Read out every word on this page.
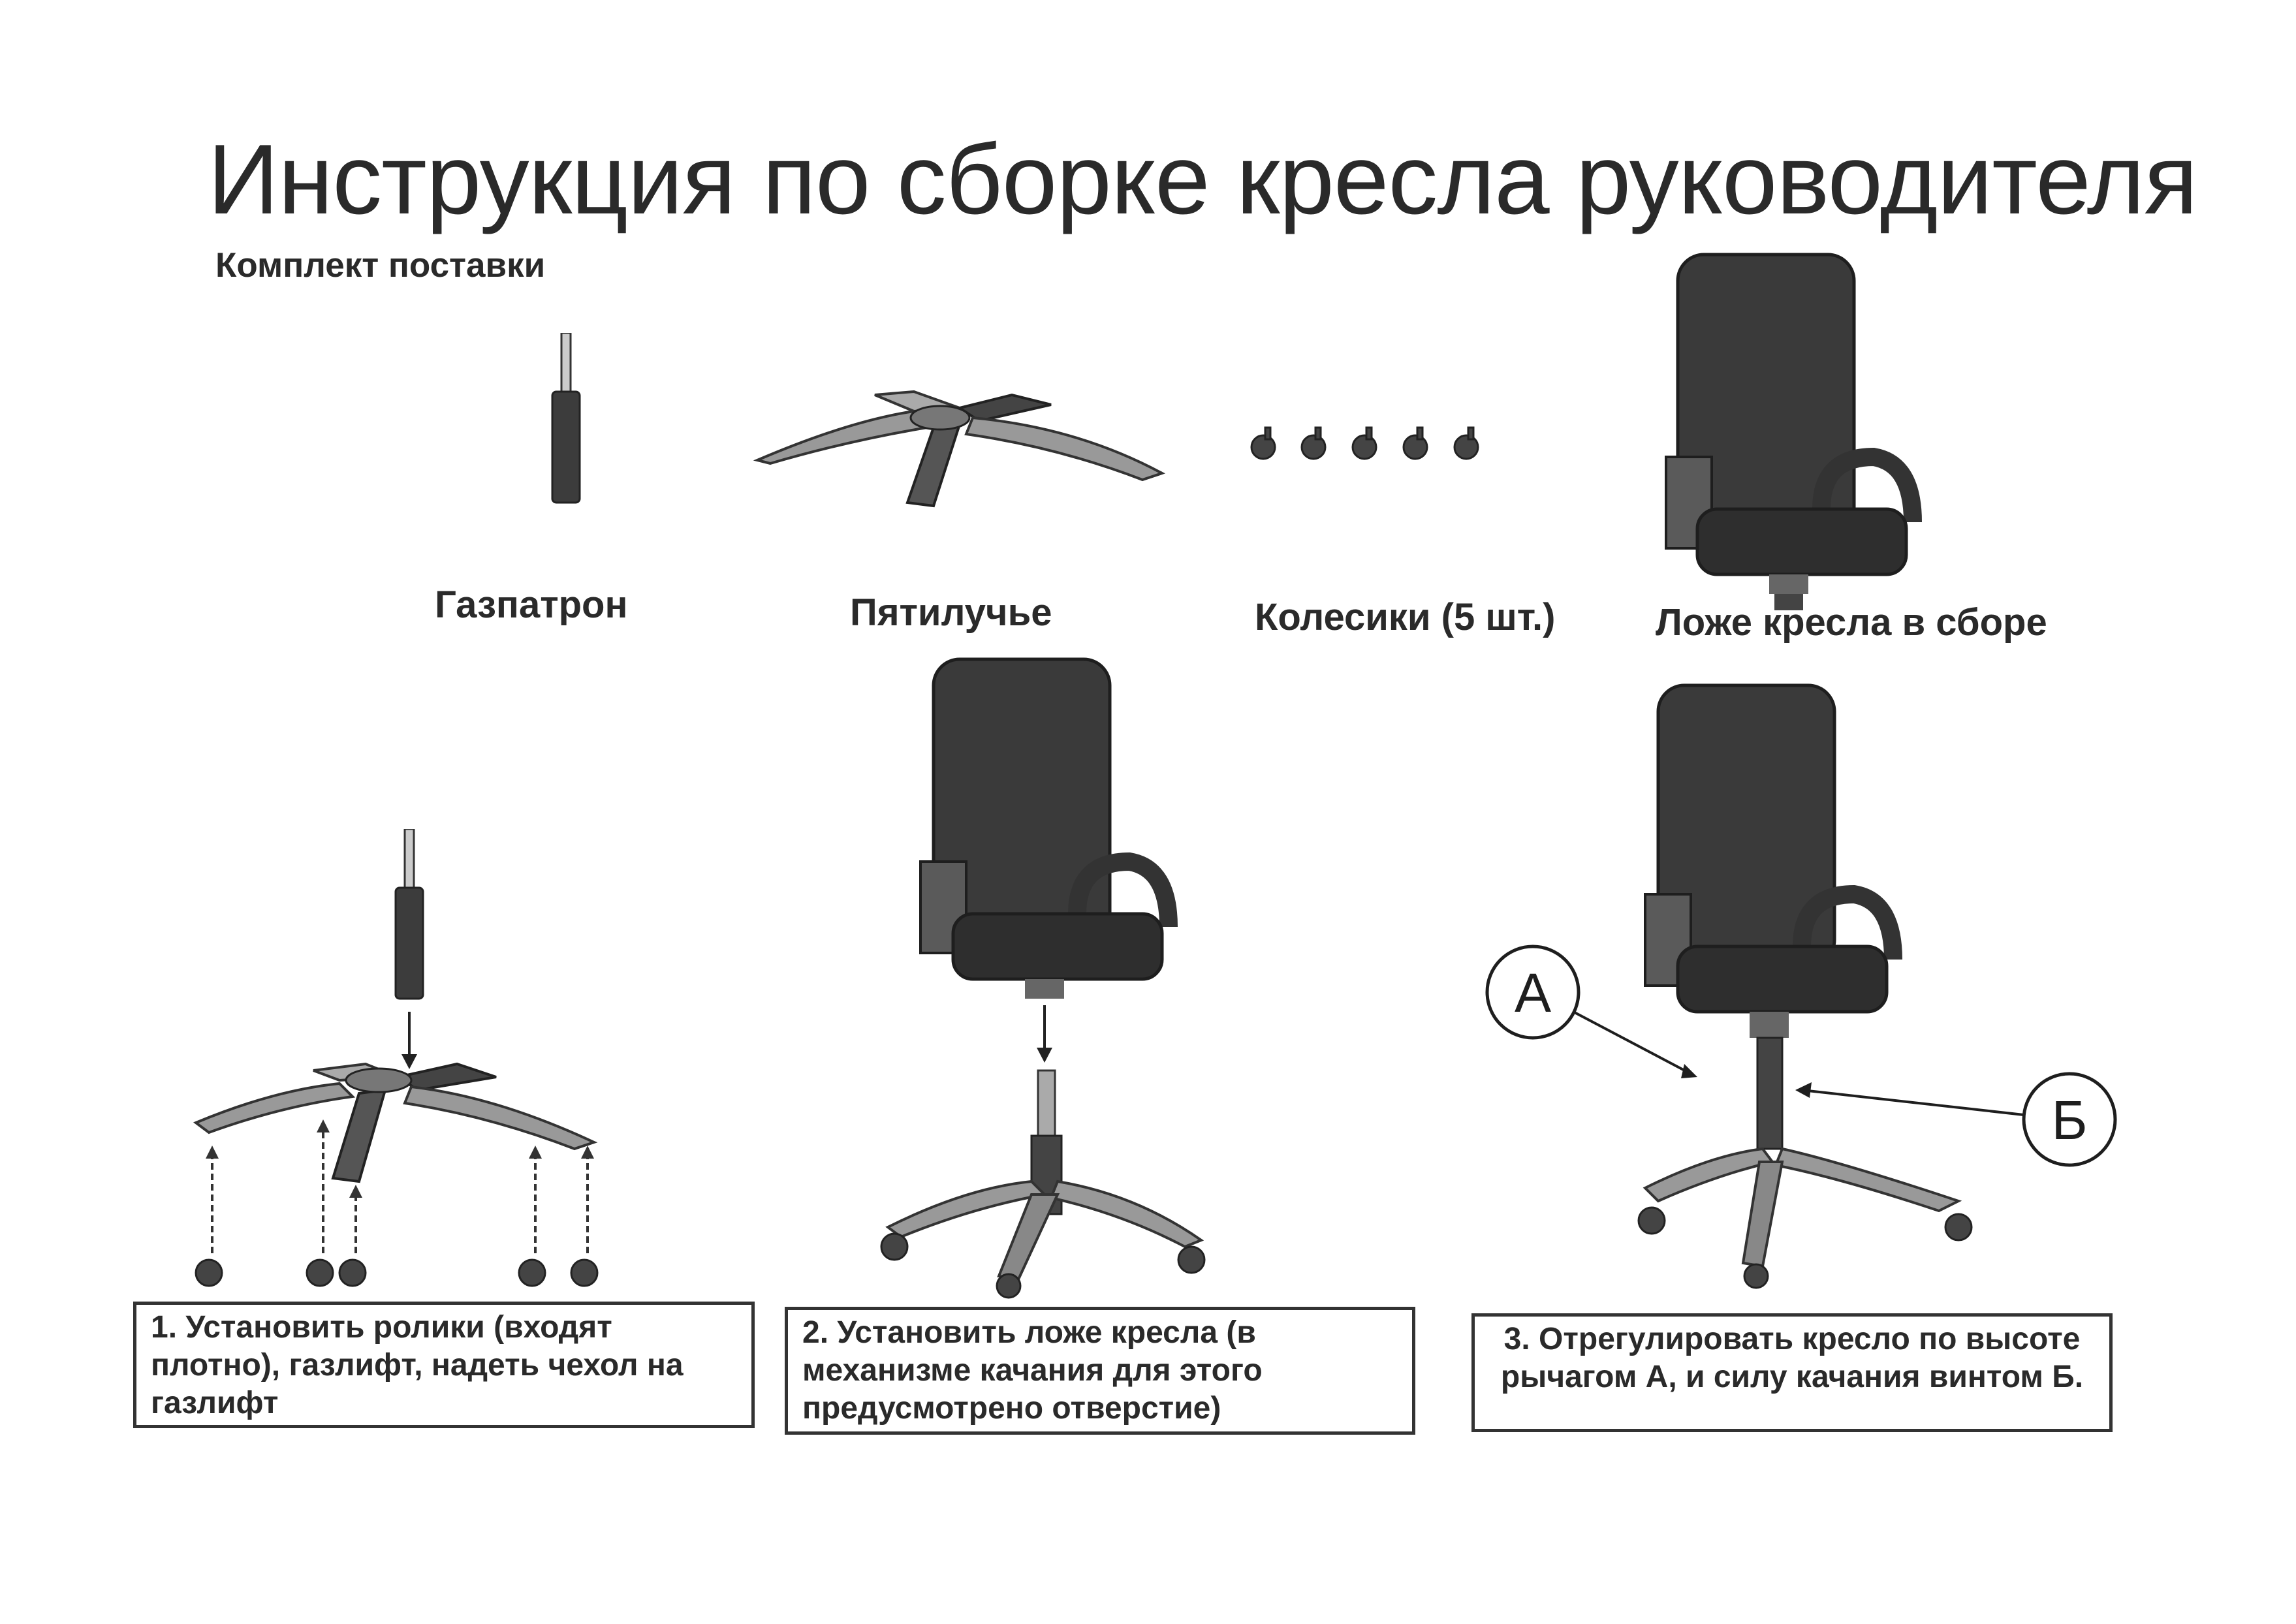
Инструкция по сборке кресла руководителя
Комплект поставки
Газпатрон	Пятилучье	Колесики (5 шт.)	Ложе кресла в сборе
А
Б
1. Установить ролики (входят плотно), газлифт, надеть чехол на газлифт
2. Установить ложе кресла (в механизме качания для этого предусмотрено отверстие)
3. Отрегулировать кресло по высоте рычагом А, и силу качания винтом Б.
